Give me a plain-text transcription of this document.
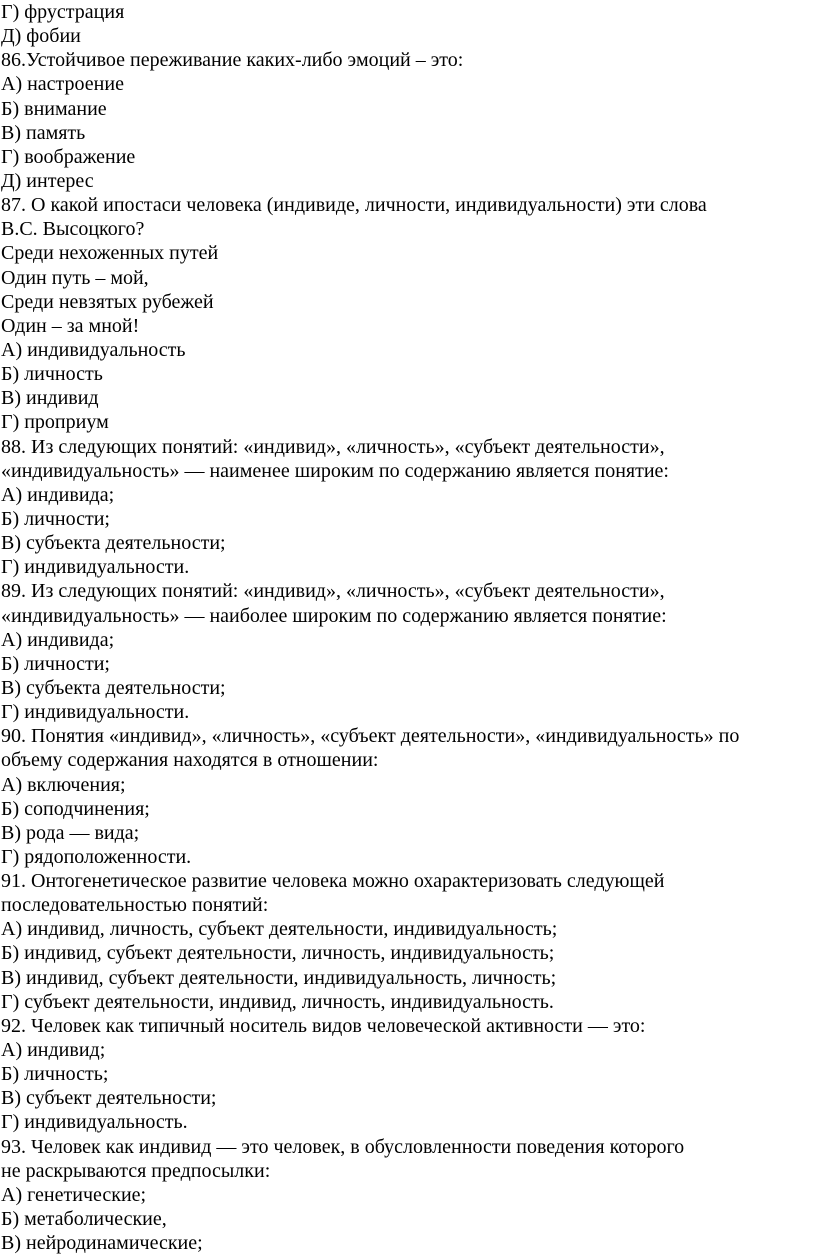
Г) фрустрация
Д) фобии
86.Устойчивое переживание каких-либо эмоций – это:
А) настроение
Б) внимание
В) память
Г) воображение
Д) интерес
87. О какой ипостаси человека (индивиде, личности, индивидуальности) эти слова
В.С. Высоцкого?
Среди нехоженных путей
Один путь – мой,
Среди невзятых рубежей
Один – за мной!
А) индивидуальность
Б) личность
В) индивид
Г) проприум
88. Из следующих понятий: «индивид», «личность», «субъект деятельности»,
«индивидуальность» — наименее широким по содержанию является понятие:
А) индивида;
Б) личности;
В) субъекта деятельности;
Г) индивидуальности.
89. Из следующих понятий: «индивид», «личность», «субъект деятельности»,
«индивидуальность» — наиболее широким по содержанию является понятие:
А) индивида;
Б) личности;
В) субъекта деятельности;
Г) индивидуальности.
90. Понятия «индивид», «личность», «субъект деятельности», «индивидуальность» по
объему содержания находятся в отношении:
А) включения;
Б) соподчинения;
В) рода — вида;
Г) рядоположенности.
91. Онтогенетическое развитие человека можно охарактеризовать следующей
последовательностью понятий:
А) индивид, личность, субъект деятельности, индивидуальность;
Б) индивид, субъект деятельности, личность, индивидуальность;
В) индивид, субъект деятельности, индивидуальность, личность;
Г) субъект деятельности, индивид, личность, индивидуальность.
92. Человек как типичный носитель видов человеческой активности — это:
А) индивид;
Б) личность;
В) субъект деятельности;
Г) индивидуальность.
93. Человек как индивид — это человек, в обусловленности поведения которого
не раскрываются предпосылки:
А) генетические;
Б) метаболические,
В) нейродинамические;
